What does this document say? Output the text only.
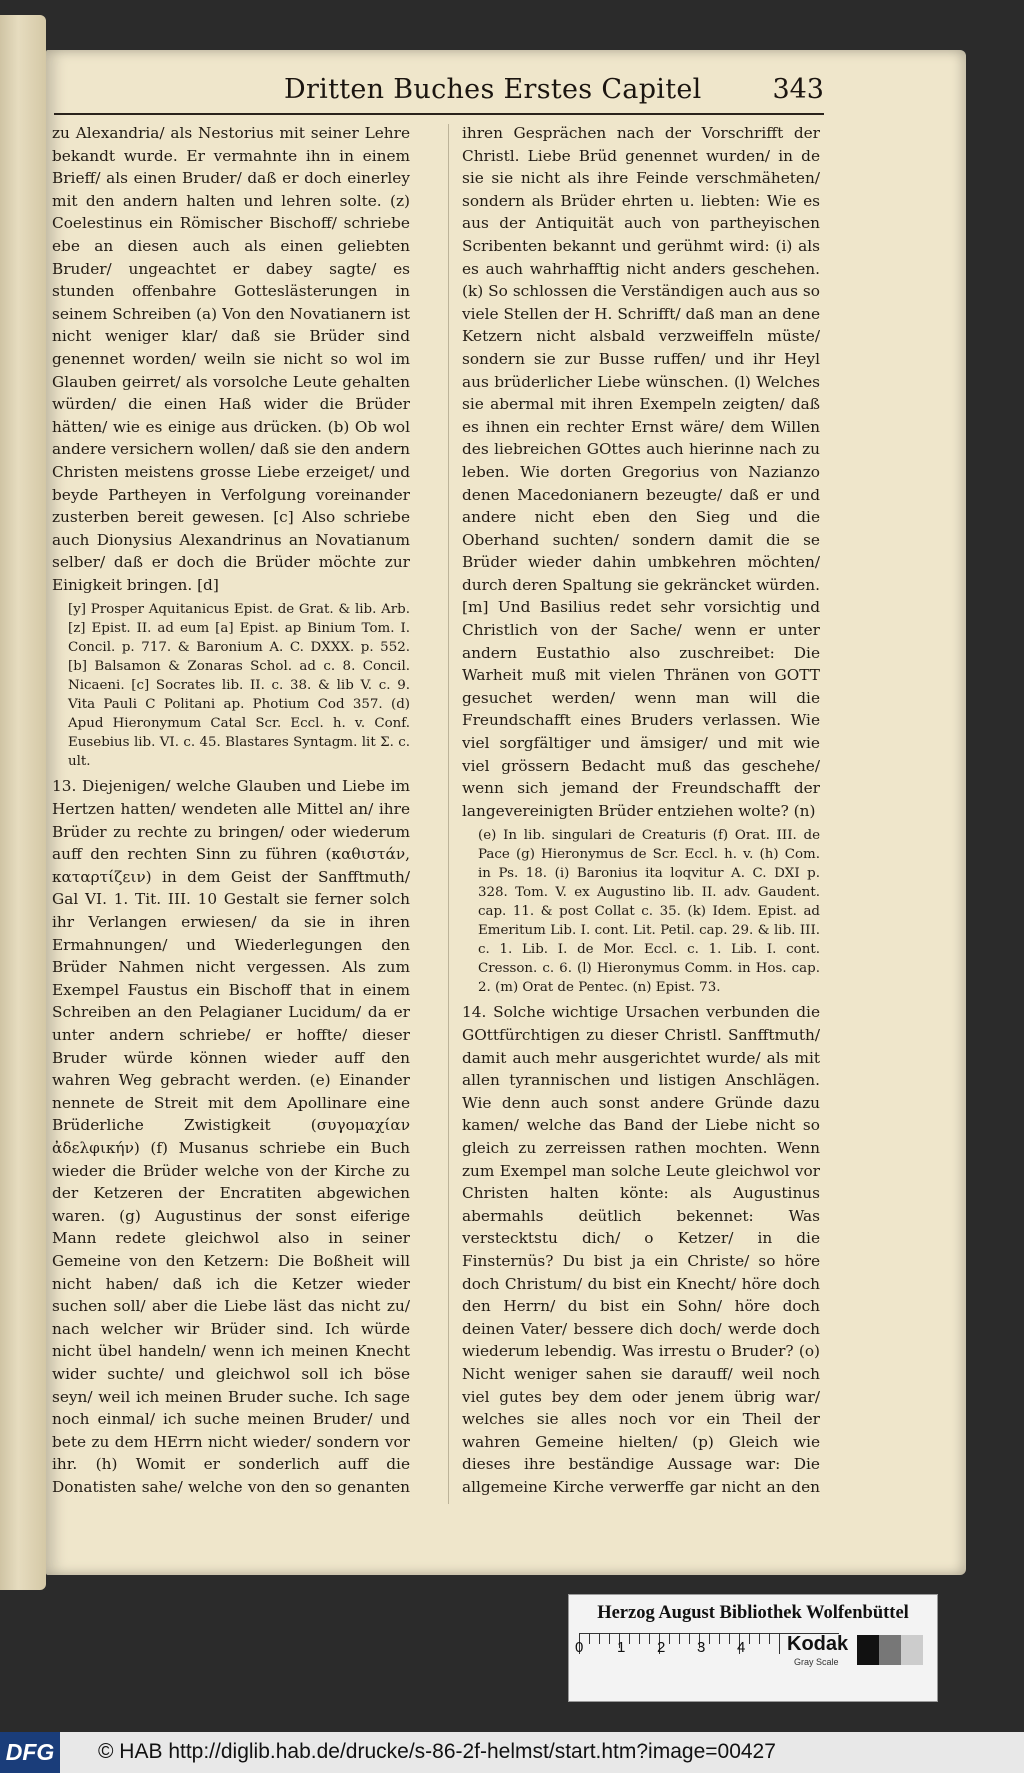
Dritten Buches Erstes Capitel	343

zu Alexandria/ als Nestorius mit seiner Lehre bekandt wurde. Er vermahnte ihn in einem Brieff/ als einen Bruder/ daß er doch einerley mit den andern halten und lehren solte. (z) Coelestinus ein Römischer Bischoff/ schriebe ebe an diesen auch als einen geliebten Bruder/ ungeachtet er dabey sagte/ es stunden offenbahre Gotteslästerungen in seinem Schreiben (a) Von den Novatianern ist nicht weniger klar/ daß sie Brüder sind genennet worden/ weiln sie nicht so wol im Glauben geirret/ als vorsolche Leute gehalten würden/ die einen Haß wider die Brüder hätten/ wie es einige aus drücken. (b) Ob wol andere versichern wollen/ daß sie den andern Christen meistens grosse Liebe erzeiget/ und beyde Partheyen in Verfolgung voreinander zusterben bereit gewesen. [c] Also schriebe auch Dionysius Alexandrinus an Novatianum selber/ daß er doch die Brüder möchte zur Einigkeit bringen. [d]

[y] Prosper Aquitanicus Epist. de Grat. & lib. Arb. [z] Epist. II. ad eum [a] Epist. ap Binium Tom. I. Concil. p. 717. & Baronium A. C. DXXX. p. 552. [b] Balsamon & Zonaras Schol. ad c. 8. Concil. Nicaeni. [c] Socrates lib. II. c. 38. & lib V. c. 9. Vita Pauli C Politani ap. Photium Cod 357. (d) Apud Hieronymum Catal Scr. Eccl. h. v. Conf. Eusebius lib. VI. c. 45. Blastares Syntagm. lit Σ. c. ult.

13. Diejenigen/ welche Glauben und Liebe im Hertzen hatten/ wendeten alle Mittel an/ ihre Brüder zu rechte zu bringen/ oder wiederum auff den rechten Sinn zu führen (καθιστάν, καταρτίζειν) in dem Geist der Sanfftmuth/ Gal VI. 1. Tit. III. 10 Gestalt sie ferner solch ihr Verlangen erwiesen/ da sie in ihren Ermahnungen/ und Wiederlegungen den Brüder Nahmen nicht vergessen. Als zum Exempel Faustus ein Bischoff that in einem Schreiben an den Pelagianer Lucidum/ da er unter andern schriebe/ er hoffte/ dieser Bruder würde können wieder auff den wahren Weg gebracht werden. (e) Einander nennete de Streit mit dem Apollinare eine Brüderliche Zwistigkeit (συγομαχίαν ἀδελφικήν) (f) Musanus schriebe ein Buch wieder die Brüder welche von der Kirche zu der Ketzeren der Encratiten abgewichen waren. (g) Augustinus der sonst eiferige Mann redete gleichwol also in seiner Gemeine von den Ketzern: Die Boßheit will nicht haben/ daß ich die Ketzer wieder suchen soll/ aber die Liebe läst das nicht zu/ nach welcher wir Brüder sind. Ich würde nicht übel handeln/ wenn ich meinen Knecht wider suchte/ und gleichwol soll ich böse seyn/ weil ich meinen Bruder suche. Ich sage noch einmal/ ich suche meinen Bruder/ und bete zu dem HErrn nicht wieder/ sondern vor ihr. (h) Womit er sonderlich auff die Donatisten sahe/ welche von den so genanten

ihren Gesprächen nach der Vorschrifft der Christl. Liebe Brüd genennet wurden/ in de sie sie nicht als ihre Feinde verschmäheten/ sondern als Brüder ehrten u. liebten: Wie es aus der Antiquität auch von partheyischen Scribenten bekannt und gerühmt wird: (i) als es auch wahrhafftig nicht anders geschehen. (k) So schlossen die Verständigen auch aus so viele Stellen der H. Schrifft/ daß man an dene Ketzern nicht alsbald verzweiffeln müste/ sondern sie zur Busse ruffen/ und ihr Heyl aus brüderlicher Liebe wünschen. (l) Welches sie abermal mit ihren Exempeln zeigten/ daß es ihnen ein rechter Ernst wäre/ dem Willen des liebreichen GOttes auch hierinne nach zu leben. Wie dorten Gregorius von Nazianzo denen Macedonianern bezeugte/ daß er und andere nicht eben den Sieg und die Oberhand suchten/ sondern damit die se Brüder wieder dahin umbkehren möchten/ durch deren Spaltung sie gekräncket würden. [m] Und Basilius redet sehr vorsichtig und Christlich von der Sache/ wenn er unter andern Eustathio also zuschreibet: Die Warheit muß mit vielen Thränen von GOTT gesuchet werden/ wenn man will die Freundschafft eines Bruders verlassen. Wie viel sorgfältiger und ämsiger/ und mit wie viel grössern Bedacht muß das geschehe/ wenn sich jemand der Freundschafft der langevereinigten Brüder entziehen wolte? (n)

(e) In lib. singulari de Creaturis (f) Orat. III. de Pace (g) Hieronymus de Scr. Eccl. h. v. (h) Com. in Ps. 18. (i) Baronius ita loqvitur A. C. DXI p. 328. Tom. V. ex Augustino lib. II. adv. Gaudent. cap. 11. & post Collat c. 35. (k) Idem. Epist. ad Emeritum Lib. I. cont. Lit. Petil. cap. 29. & lib. III. c. 1. Lib. I. de Mor. Eccl. c. 1. Lib. I. cont. Cresson. c. 6. (l) Hieronymus Comm. in Hos. cap. 2. (m) Orat de Pentec. (n) Epist. 73.

14. Solche wichtige Ursachen verbunden die GOttfürchtigen zu dieser Christl. Sanfftmuth/ damit auch mehr ausgerichtet wurde/ als mit allen tyrannischen und listigen Anschlägen. Wie denn auch sonst andere Gründe dazu kamen/ welche das Band der Liebe nicht so gleich zu zerreissen rathen mochten. Wenn zum Exempel man solche Leute gleichwol vor Christen halten könte: als Augustinus abermahls deütlich bekennet: Was verstecktstu dich/ o Ketzer/ in die Finsternüs? Du bist ja ein Christe/ so höre doch Christum/ du bist ein Knecht/ höre doch den Herrn/ du bist ein Sohn/ höre doch deinen Vater/ bessere dich doch/ werde doch wiederum lebendig. Was irrestu o Bruder? (o) Nicht weniger sahen sie darauff/ weil noch viel gutes bey dem oder jenem übrig war/ welches sie alles noch vor ein Theil der wahren Gemeine hielten/ (p) Gleich wie dieses ihre beständige Aussage war: Die allgemeine Kirche verwerffe gar nicht an den

Herzog August Bibliothek Wolfenbüttel
0 1 2 3 4 Kodak
Gray Scale
DFG © HAB http://diglib.hab.de/drucke/s-86-2f-helmst/start.htm?image=00427
